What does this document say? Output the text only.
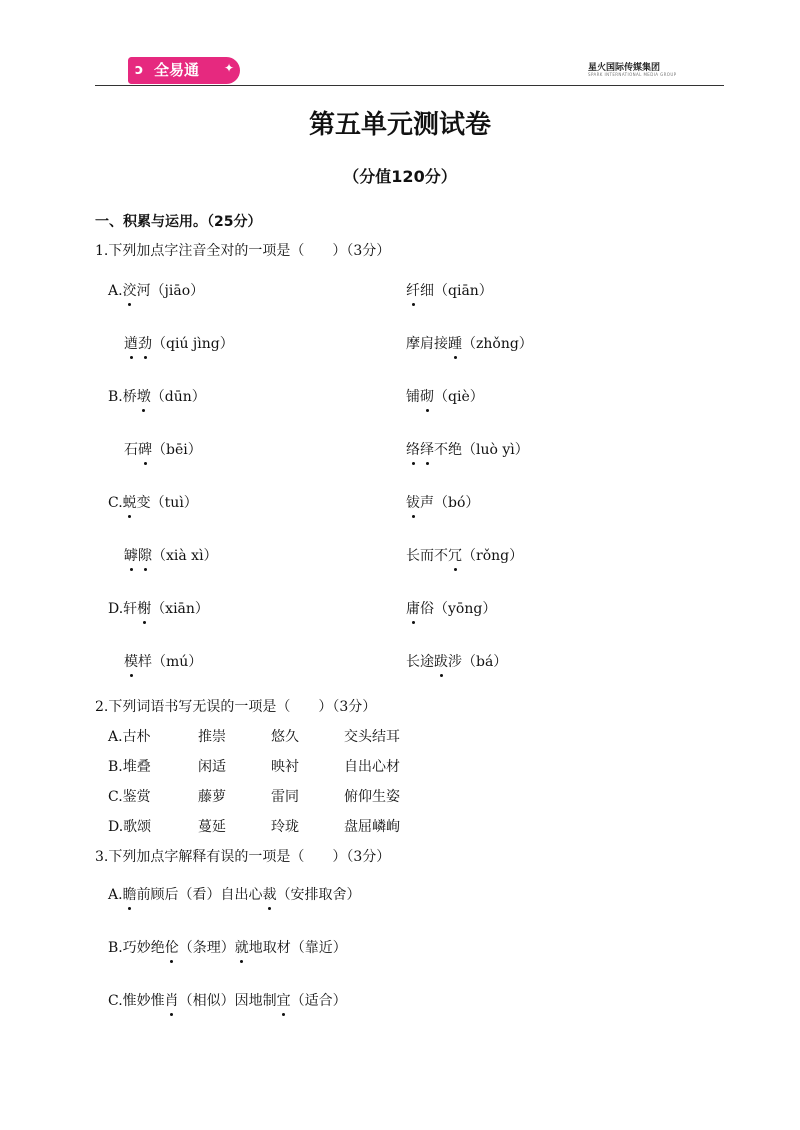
ↄ 全易通 ✦	星火国际传媒集团
SPARK INTERNATIONAL MEDIA GROUP
第五单元测试卷
（分值120分）
一、积累与运用。（25分）
1.下列加点字注音全对的一项是（　　）（3分）
A.洨河（jiāo）	纤细（qiān）
遒劲（qiú jìng）	摩肩接踵（zhǒng）
B.桥墩（dūn）	铺砌（qiè）
石碑（bēi）	络绎不绝（luò yì）
C.蜕变（tuì）	钹声（bó）
罅隙（xià xì）	长而不冗（rǒng）
D.轩榭（xiān）	庸俗（yōng）
模样（mú）	长途跋涉（bá）
2.下列词语书写无误的一项是（　　）（3分）
A.古朴	推崇	悠久	交头结耳
B.堆叠	闲适	映衬	自出心材
C.鉴赏	藤萝	雷同	俯仰生姿
D.歌颂	蔓延	玲珑	盘屈嶙峋
3.下列加点字解释有误的一项是（　　）（3分）
A.瞻前顾后（看）自出心裁（安排取舍）
B.巧妙绝伦（条理）就地取材（靠近）
C.惟妙惟肖（相似）因地制宜（适合）
